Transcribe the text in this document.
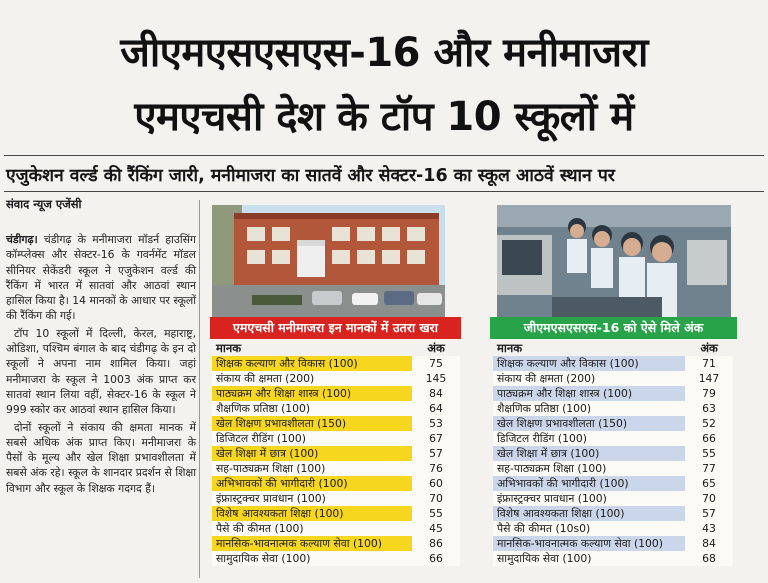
जीएमएसएसएस-16 और मनीमाजरा
एमएचसी देश के टॉप 10 स्कूलों में
एजुकेशन वर्ल्ड की रैंकिंग जारी, मनीमाजरा का सातवें और सेक्टर-16 का स्कूल आठवें स्थान पर
संवाद न्यूज एजेंसी

चंडीगढ़। चंडीगढ़ के मनीमाजरा मॉडर्न हाउसिंग कॉम्प्लेक्स और सेक्टर-16 के गवर्नमेंट मॉडल सीनियर सेकेंडरी स्कूल ने एजुकेशन वर्ल्ड की रैंकिंग में भारत में सातवां और आठवां स्थान हासिल किया है। 14 मानकों के आधार पर स्कूलों की रैंकिंग की गई।

टॉप 10 स्कूलों में दिल्ली, केरल, महाराष्ट्र, ओडिशा, पश्चिम बंगाल के बाद चंडीगढ़ के इन दो स्कूलों ने अपना नाम शामिल किया। जहां मनीमाजरा के स्कूल ने 1003 अंक प्राप्त कर सातवां स्थान लिया वहीं, सेक्टर-16 के स्कूल ने 999 स्कोर कर आठवां स्थान हासिल किया।

दोनों स्कूलों ने संकाय की क्षमता मानक में सबसे अधिक अंक प्राप्त किए। मनीमाजरा के पैसों के मूल्य और खेल शिक्षा प्रभावशीलता में सबसे अंक रहे। स्कूल के शानदार प्रदर्शन से शिक्षा विभाग और स्कूल के शिक्षक गदगद हैं।

एमएचसी मनीमाजरा इन मानकों में उतरा खरा	जीएमएसएसएस-16 को ऐसे मिले अंक
मानक	अंक
शिक्षक कल्याण और विकास (100)	75
संकाय की क्षमता (200)	145
पाठ्यक्रम और शिक्षा शास्त्र (100)	84
शैक्षणिक प्रतिष्ठा (100)	64
खेल शिक्षण प्रभावशीलता (150)	53
डिजिटल रीडिंग (100)	67
खेल शिक्षा में छात्र (100)	57
सह-पाठ्यक्रम शिक्षा (100)	76
अभिभावकों की भागीदारी (100)	60
इंफ्रास्ट्रक्चर प्रावधान (100)	70
विशेष आवश्यकता शिक्षा (100)	55
पैसे की कीमत (100)	45
मानसिक-भावनात्मक कल्याण सेवा (100)	86
सामुदायिक सेवा (100)	66
मानक	अंक
शिक्षक कल्याण और विकास (100)	71
संकाय की क्षमता (200)	147
पाठ्यक्रम और शिक्षा शास्त्र (100)	79
शैक्षणिक प्रतिष्ठा (100)	63
खेल शिक्षण प्रभावशीलता (150)	52
डिजिटल रीडिंग (100)	66
खेल शिक्षा में छात्र (100)	55
सह-पाठ्यक्रम शिक्षा (100)	77
अभिभावकों की भागीदारी (100)	65
इंफ्रास्ट्रक्चर प्रावधान (100)	70
विशेष आवश्यकता शिक्षा (100)	57
पैसे की कीमत (10s0)	43
मानसिक-भावनात्मक कल्याण सेवा (100)	84
सामुदायिक सेवा (100)	68
